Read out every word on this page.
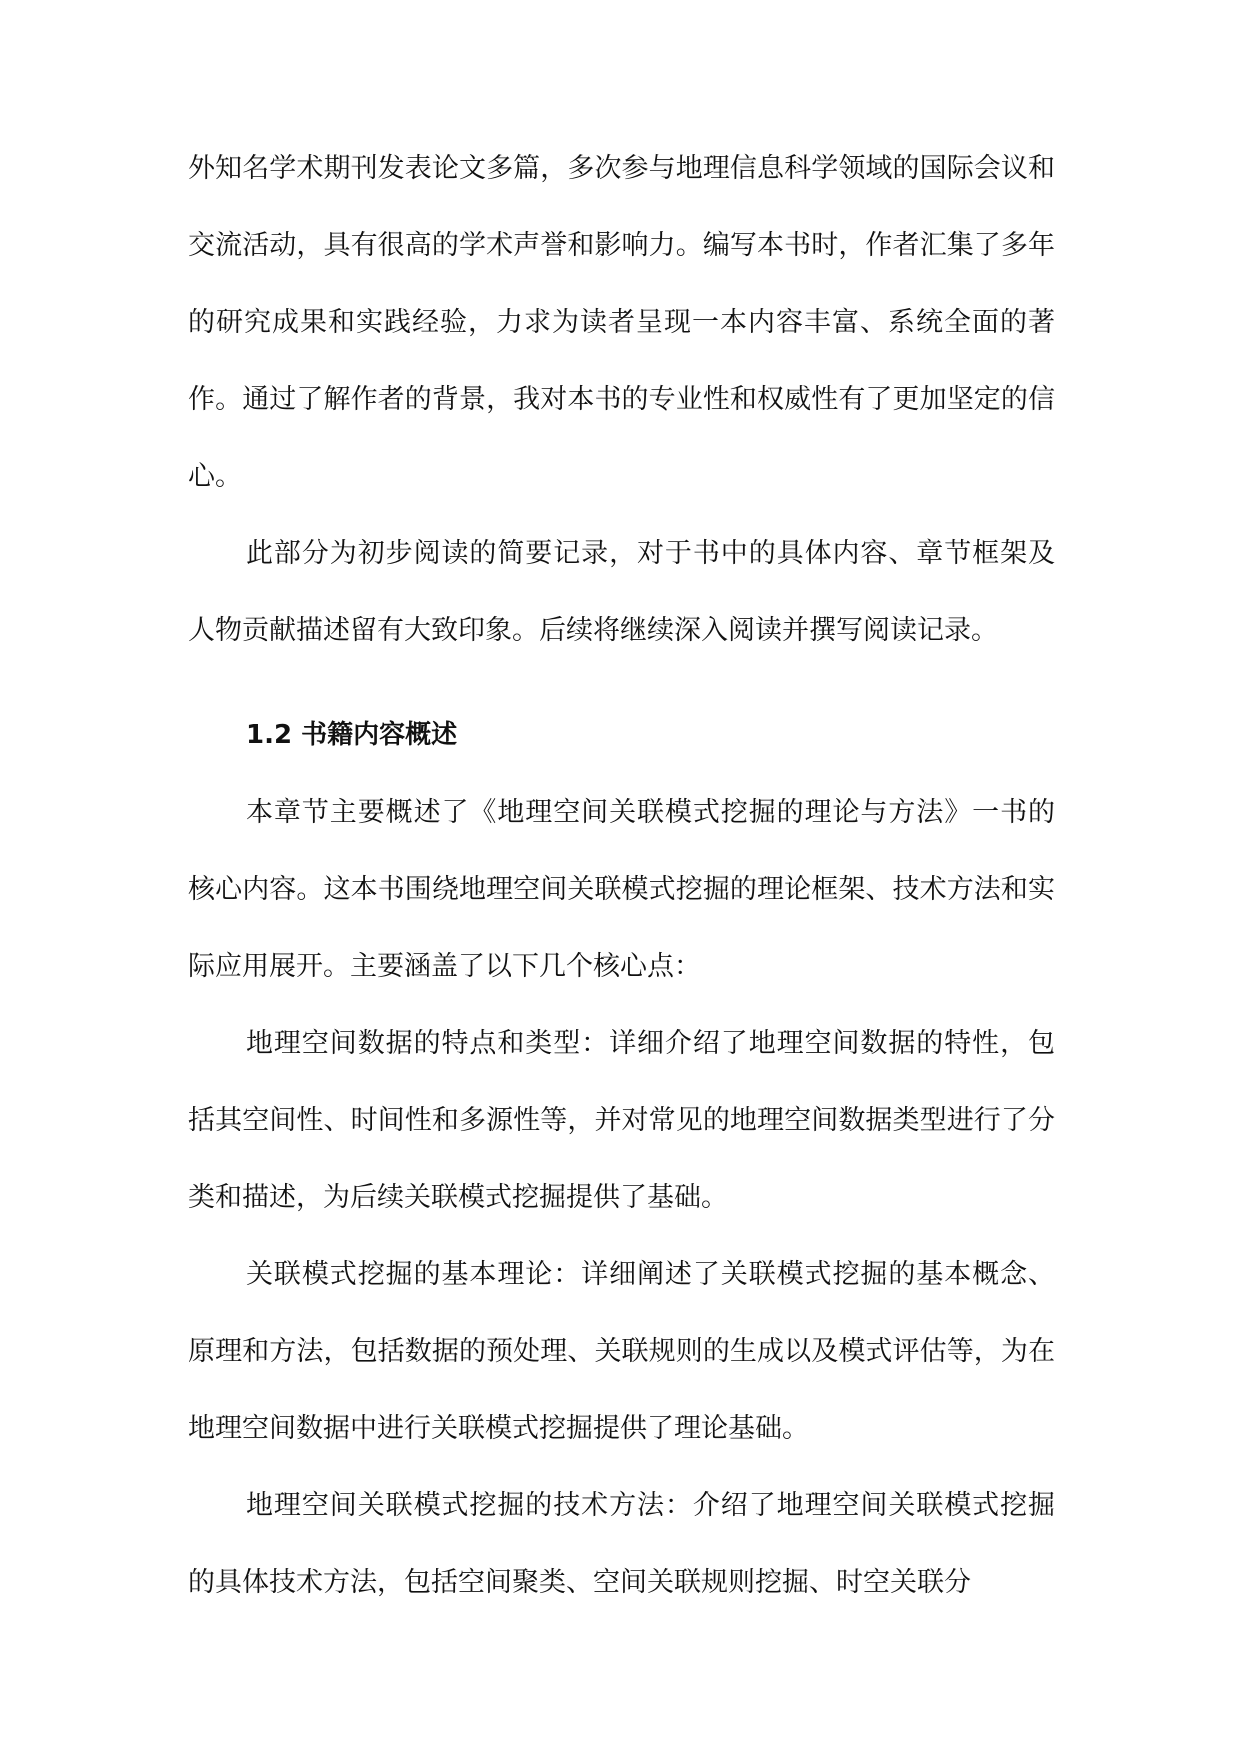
外知名学术期刊发表论文多篇，多次参与地理信息科学领域的国际会议和交流活动，具有很高的学术声誉和影响力。编写本书时，作者汇集了多年的研究成果和实践经验，力求为读者呈现一本内容丰富、系统全面的著作。通过了解作者的背景，我对本书的专业性和权威性有了更加坚定的信心。

此部分为初步阅读的简要记录，对于书中的具体内容、章节框架及人物贡献描述留有大致印象。后续将继续深入阅读并撰写阅读记录。

1.2 书籍内容概述

本章节主要概述了《地理空间关联模式挖掘的理论与方法》一书的核心内容。这本书围绕地理空间关联模式挖掘的理论框架、技术方法和实际应用展开。主要涵盖了以下几个核心点：

地理空间数据的特点和类型：详细介绍了地理空间数据的特性，包括其空间性、时间性和多源性等，并对常见的地理空间数据类型进行了分类和描述，为后续关联模式挖掘提供了基础。

关联模式挖掘的基本理论：详细阐述了关联模式挖掘的基本概念、原理和方法，包括数据的预处理、关联规则的生成以及模式评估等，为在地理空间数据中进行关联模式挖掘提供了理论基础。

地理空间关联模式挖掘的技术方法：介绍了地理空间关联模式挖掘的具体技术方法，包括空间聚类、空间关联规则挖掘、时空关联分
